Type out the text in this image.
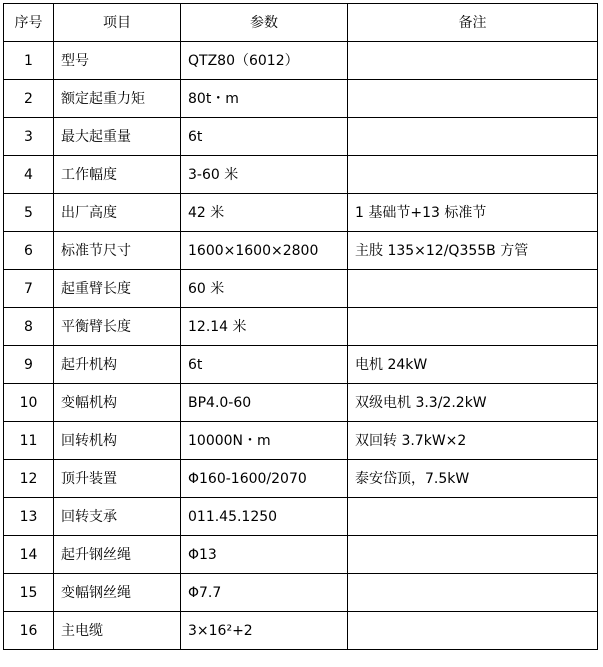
序号	项目	参数	备注
1	型号	QTZ80（6012）	
2	额定起重力矩	80t・m	
3	最大起重量	6t	
4	工作幅度	3-60 米	
5	出厂高度	42 米	1 基础节+13 标准节
6	标准节尺寸	1600×1600×2800	主肢 135×12/Q355B 方管
7	起重臂长度	60 米	
8	平衡臂长度	12.14 米	
9	起升机构	6t	电机 24kW
10	变幅机构	BP4.0-60	双级电机 3.3/2.2kW
11	回转机构	10000N・m	双回转 3.7kW×2
12	顶升装置	Φ160-1600/2070	泰安岱顶，7.5kW
13	回转支承	011.45.1250	
14	起升钢丝绳	Φ13	
15	变幅钢丝绳	Φ7.7	
16	主电缆	3×16²+2	
